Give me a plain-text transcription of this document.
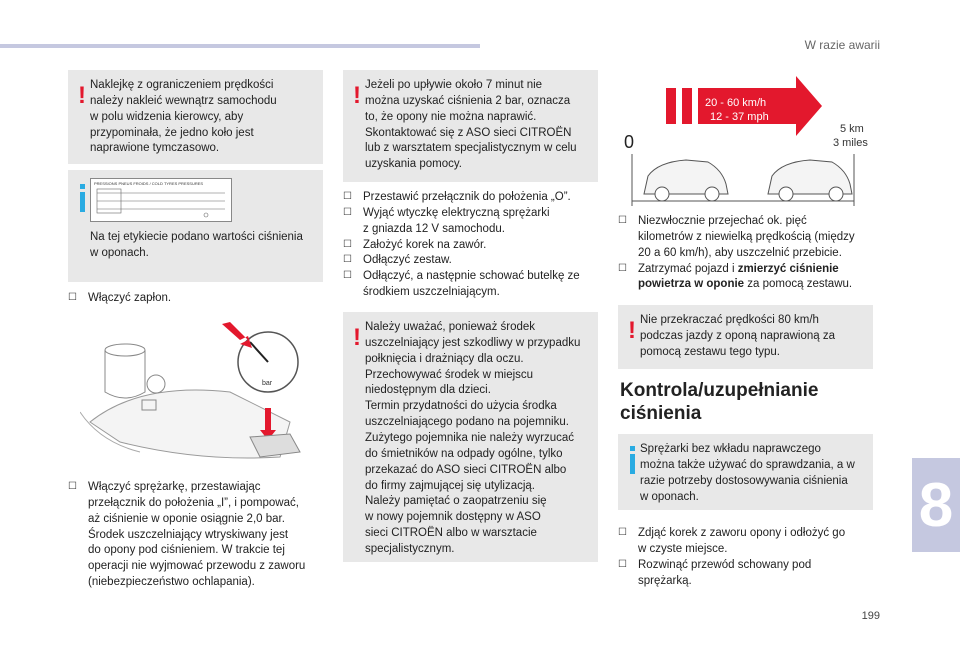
W razie awarii
8
199
! Naklejkę z ograniczeniem prędkości
należy nakleić wewnątrz samochodu
w polu widzenia kierowcy, aby
przypominała, że jedno koło jest
naprawione tymczasowo.

PRESSIONS PNEUS FROIDS / COLD TYRES PRESSURES

Na tej etykiecie podano wartości ciśnienia
w oponach.

☐ Włączyć zapłon.
bar
☐ Włączyć sprężarkę, przestawiając
przełącznik do położenia „I”, i pompować,
aż ciśnienie w oponie osiągnie 2,0 bar.
Środek uszczelniający wtryskiwany jest
do opony pod ciśnieniem. W trakcie tej
operacji nie wyjmować przewodu z zaworu
(niebezpieczeństwo ochlapania).
! Jeżeli po upływie około 7 minut nie
można uzyskać ciśnienia 2 bar, oznacza
to, że opony nie można naprawić.
Skontaktować się z ASO sieci CITROËN
lub z warsztatem specjalistycznym w celu
uzyskania pomocy.

☐ Przestawić przełącznik do położenia „O”.
☐ Wyjąć wtyczkę elektryczną sprężarki
z gniazda 12 V samochodu.
☐ Założyć korek na zawór.
☐ Odłączyć zestaw.
☐ Odłączyć, a następnie schować butelkę ze
środkiem uszczelniającym.
! Należy uważać, ponieważ środek
uszczelniający jest szkodliwy w przypadku
połknięcia i drażniący dla oczu.
Przechowywać środek w miejscu
niedostępnym dla dzieci.
Termin przydatności do użycia środka
uszczelniającego podano na pojemniku.
Zużytego pojemnika nie należy wyrzucać
do śmietników na odpady ogólne, tylko
przekazać do ASO sieci CITROËN albo
do firmy zajmującej się utylizacją.
Należy pamiętać o zaopatrzeniu się
w nowy pojemnik dostępny w ASO
sieci CITROËN albo w warsztacie
specjalistycznym.

0
20 - 60 km/h
12 - 37 mph
5 km
3 miles
☐ Niezwłocznie przejechać ok. pięć
kilometrów z niewielką prędkością (między
20 a 60 km/h), aby uszczelnić przebicie.
☐ Zatrzymać pojazd i zmierzyć ciśnienie
powietrza w oponie za pomocą zestawu.
! Nie przekraczać prędkości 80 km/h
podczas jazdy z oponą naprawioną za
pomocą zestawu tego typu.

Kontrola/uzupełnianie
ciśnienia

Sprężarki bez wkładu naprawczego
można także używać do sprawdzania, a w
razie potrzeby dostosowywania ciśnienia
w oponach.

☐ Zdjąć korek z zaworu opony i odłożyć go
w czyste miejsce.
☐ Rozwinąć przewód schowany pod
sprężarką.
